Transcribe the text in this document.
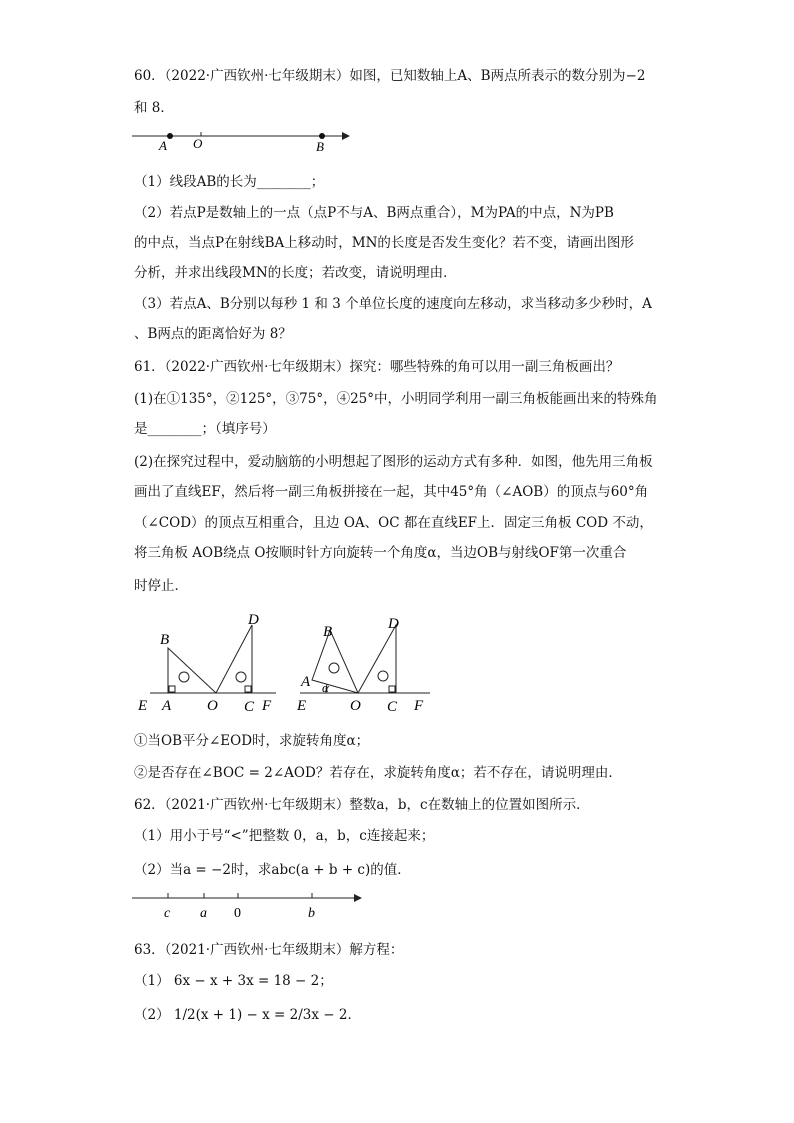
60．（2022·广西钦州·七年级期末）如图，已知数轴上A、B两点所表示的数分别为−2
和 8．
A O	B
（1）线段AB的长为________；
（2）若点P是数轴上的一点（点P不与A、B两点重合），M为PA的中点，N为PB
的中点，当点P在射线BA上移动时，MN的长度是否发生变化？若不变，请画出图形
分析，并求出线段MN的长度；若改变，请说明理由．
（3）若点A、B分别以每秒 1 和 3 个单位长度的速度向左移动，求当移动多少秒时，A
、B两点的距离恰好为 8？
61．（2022·广西钦州·七年级期末）探究：哪些特殊的角可以用一副三角板画出？
(1)在①135°，②125°，③75°，④25°中，小明同学利用一副三角板能画出来的特殊角
是________；（填序号）
(2)在探究过程中，爱动脑筋的小明想起了图形的运动方式有多种．如图，他先用三角板
画出了直线EF，然后将一副三角板拼接在一起，其中45°角（∠AOB）的顶点与60°角
（∠COD）的顶点互相重合，且边 OA、OC 都在直线EF上．固定三角板 COD 不动，
将三角板 AOB绕点 O按顺时针方向旋转一个角度α，当边OB与射线OF第一次重合
时停止．
B
D
E A O C F
B	D
A α
E	O C F
①当OB平分∠EOD时，求旋转角度α；
②是否存在∠BOC = 2∠AOD？若存在，求旋转角度α；若不存在，请说明理由．
62．（2021·广西钦州·七年级期末）整数a，b，c在数轴上的位置如图所示．
（1）用小于号“<”把整数 0，a，b，c连接起来；
（2）当a = −2时，求abc(a + b + c)的值．
c a 0	b
63．（2021·广西钦州·七年级期末）解方程：
（1） 6x − x + 3x = 18 − 2；
（2） 1/2(x + 1) − x = 2/3x − 2．
